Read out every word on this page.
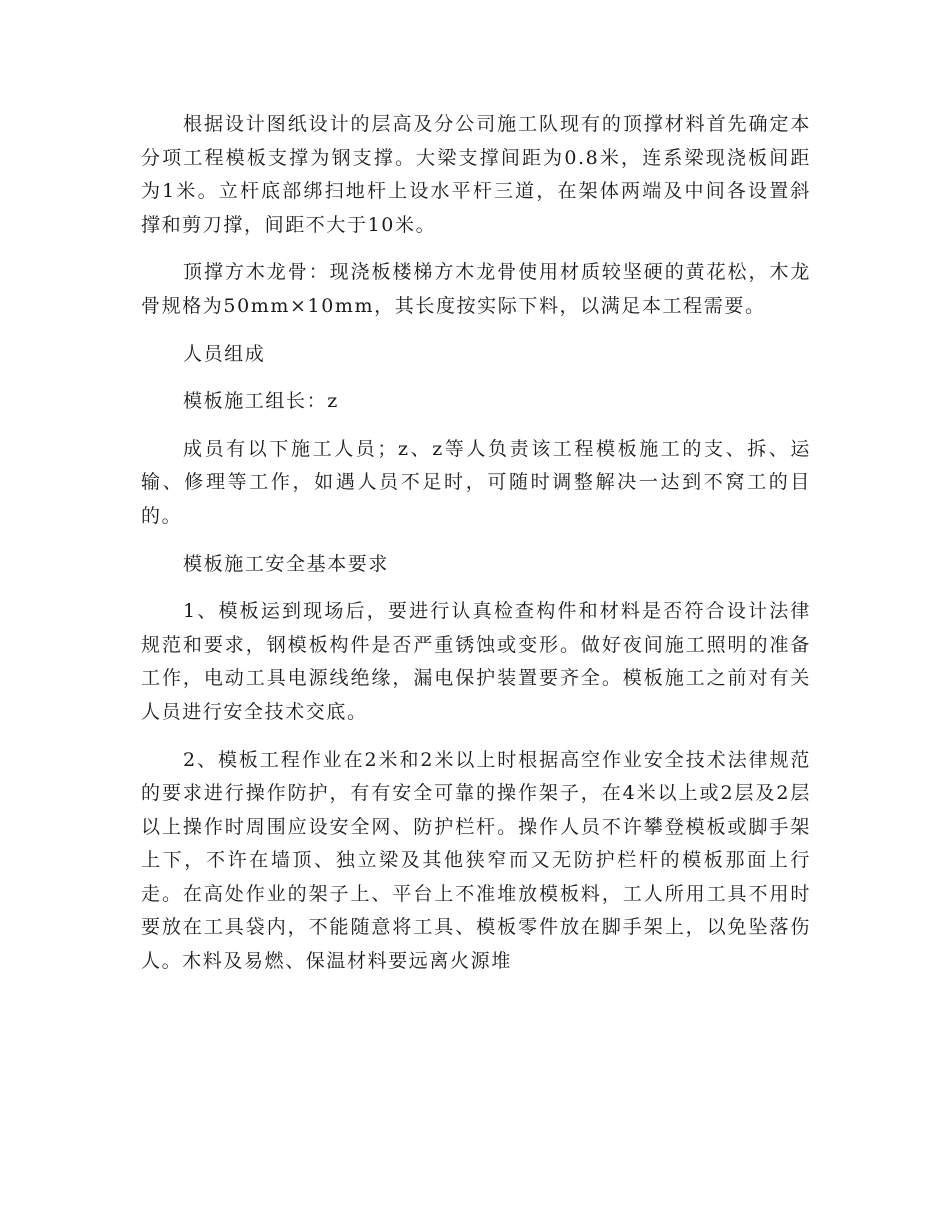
根据设计图纸设计的层高及分公司施工队现有的顶撑材料首先确定本分项工程模板支撑为钢支撑。大梁支撑间距为0.8米，连系梁现浇板间距为1米。立杆底部绑扫地杆上设水平杆三道，在架体两端及中间各设置斜撑和剪刀撑，间距不大于10米。

顶撑方木龙骨：现浇板楼梯方木龙骨使用材质较坚硬的黄花松，木龙骨规格为50mm×10mm，其长度按实际下料，以满足本工程需要。

人员组成

模板施工组长：z

成员有以下施工人员；z、z等人负责该工程模板施工的支、拆、运输、修理等工作，如遇人员不足时，可随时调整解决一达到不窝工的目的。

模板施工安全基本要求

1、模板运到现场后，要进行认真检查构件和材料是否符合设计法律规范和要求，钢模板构件是否严重锈蚀或变形。做好夜间施工照明的准备工作，电动工具电源线绝缘，漏电保护装置要齐全。模板施工之前对有关人员进行安全技术交底。

2、模板工程作业在2米和2米以上时根据高空作业安全技术法律规范的要求进行操作防护，有有安全可靠的操作架子，在4米以上或2层及2层以上操作时周围应设安全网、防护栏杆。操作人员不许攀登模板或脚手架上下，不许在墙顶、独立梁及其他狭窄而又无防护栏杆的模板那面上行走。在高处作业的架子上、平台上不准堆放模板料，工人所用工具不用时要放在工具袋内，不能随意将工具、模板零件放在脚手架上，以免坠落伤人。木料及易燃、保温材料要远离火源堆
